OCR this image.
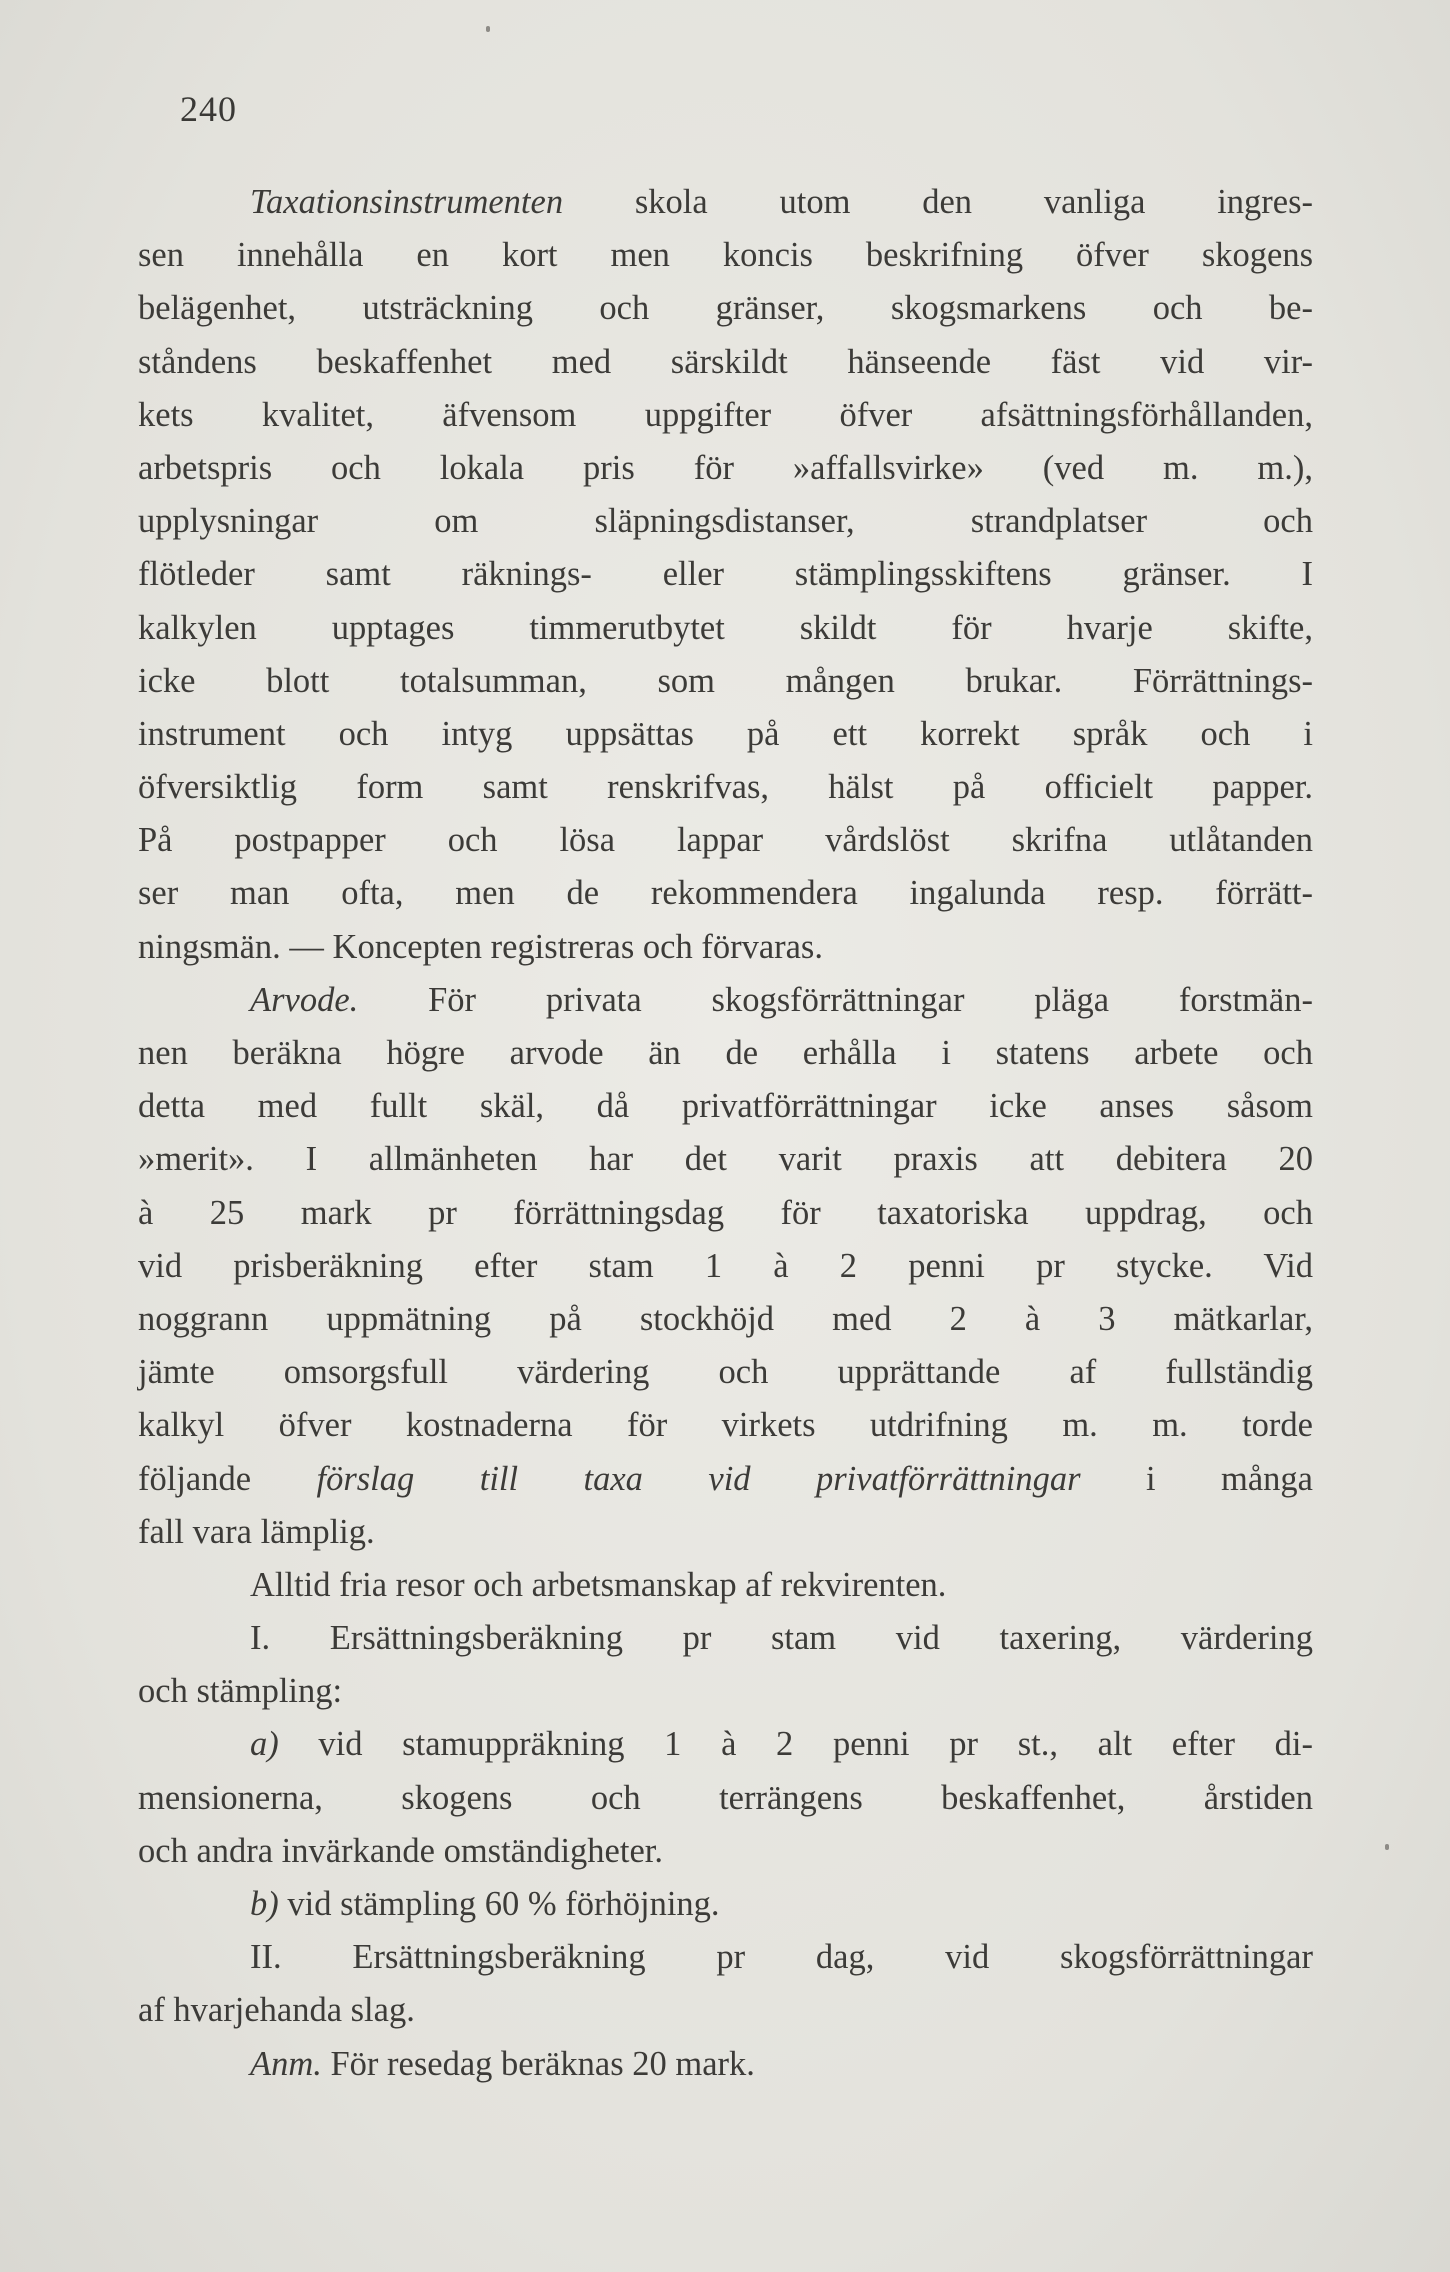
240
Taxationsinstrumenten skola utom den vanliga ingres-
sen innehålla en kort men koncis beskrifning öfver skogens
belägenhet, utsträckning och gränser, skogsmarkens och be-
ståndens beskaffenhet med särskildt hänseende fäst vid vir-
kets kvalitet, äfvensom uppgifter öfver afsättningsförhållanden,
arbetspris och lokala pris för »affallsvirke» (ved m. m.),
upplysningar om släpningsdistanser, strandplatser och
flötleder samt räknings- eller stämplingsskiftens gränser. I
kalkylen upptages timmerutbytet skildt för hvarje skifte,
icke blott totalsumman, som mången brukar. Förrättnings-
instrument och intyg uppsättas på ett korrekt språk och i
öfversiktlig form samt renskrifvas, hälst på officielt papper.
På postpapper och lösa lappar vårdslöst skrifna utlåtanden
ser man ofta, men de rekommendera ingalunda resp. förrätt-
ningsmän. — Koncepten registreras och förvaras.
Arvode. För privata skogsförrättningar pläga forstmän-
nen beräkna högre arvode än de erhålla i statens arbete och
detta med fullt skäl, då privatförrättningar icke anses såsom
»merit». I allmänheten har det varit praxis att debitera 20
à 25 mark pr förrättningsdag för taxatoriska uppdrag, och
vid prisberäkning efter stam 1 à 2 penni pr stycke. Vid
noggrann uppmätning på stockhöjd med 2 à 3 mätkarlar,
jämte omsorgsfull värdering och upprättande af fullständig
kalkyl öfver kostnaderna för virkets utdrifning m. m. torde
följande förslag till taxa vid privatförrättningar i många
fall vara lämplig.
Alltid fria resor och arbetsmanskap af rekvirenten.
I. Ersättningsberäkning pr stam vid taxering, värdering
och stämpling:
a) vid stamuppräkning 1 à 2 penni pr st., alt efter di-
mensionerna, skogens och terrängens beskaffenhet, årstiden
och andra invärkande omständigheter.
b) vid stämpling 60 % förhöjning.
II. Ersättningsberäkning pr dag, vid skogsförrättningar
af hvarjehanda slag.
Anm. För resedag beräknas 20 mark.
